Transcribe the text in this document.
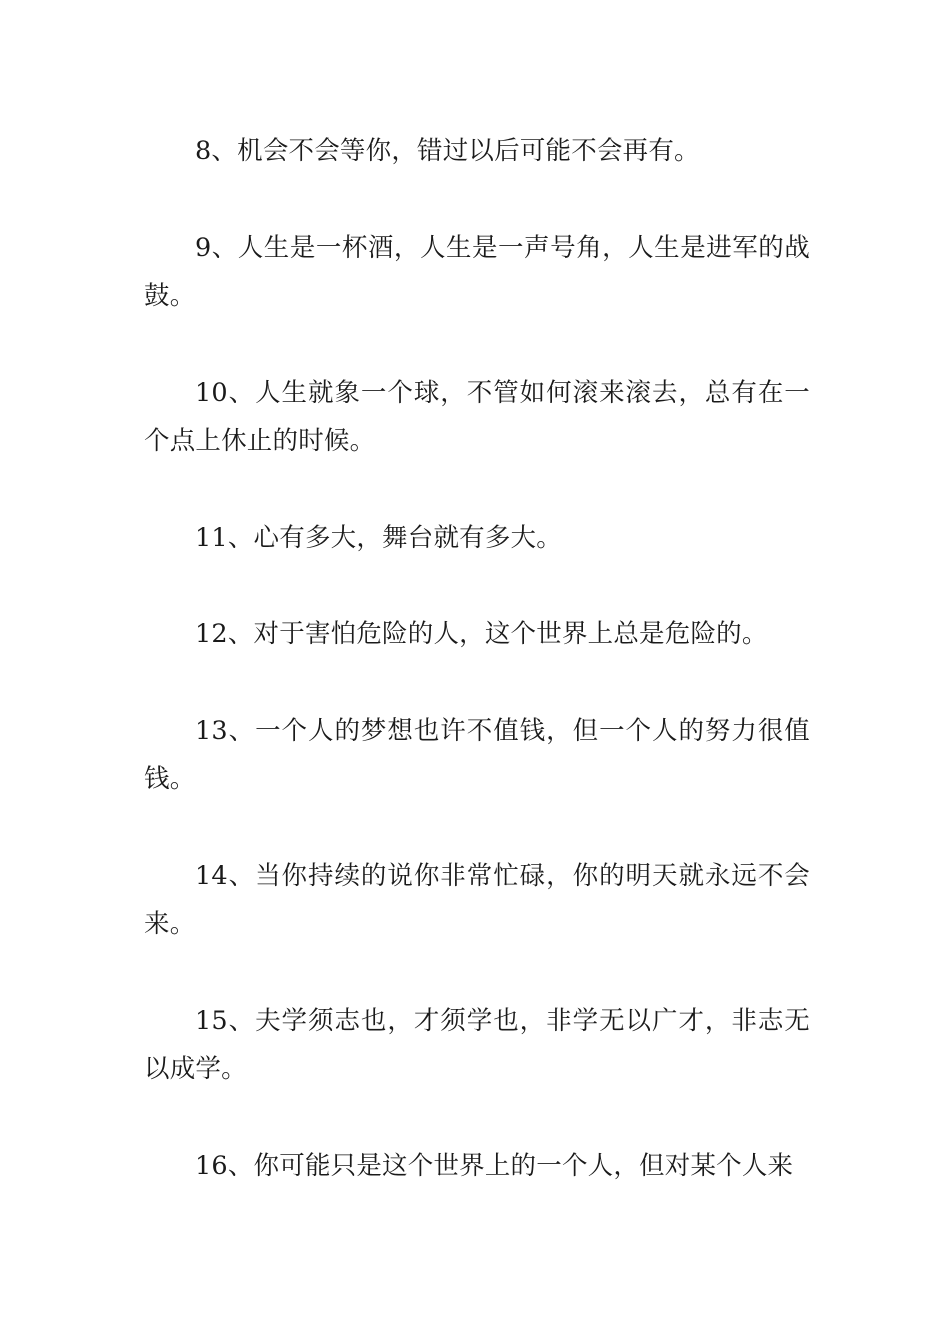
8、机会不会等你，错过以后可能不会再有。

9、人生是一杯酒，人生是一声号角，人生是进军的战鼓。

10、人生就象一个球，不管如何滚来滚去，总有在一个点上休止的时候。

11、心有多大，舞台就有多大。

12、对于害怕危险的人，这个世界上总是危险的。

13、一个人的梦想也许不值钱，但一个人的努力很值钱。

14、当你持续的说你非常忙碌，你的明天就永远不会来。

15、夫学须志也，才须学也，非学无以广才，非志无以成学。

16、你可能只是这个世界上的一个人，但对某个人来
